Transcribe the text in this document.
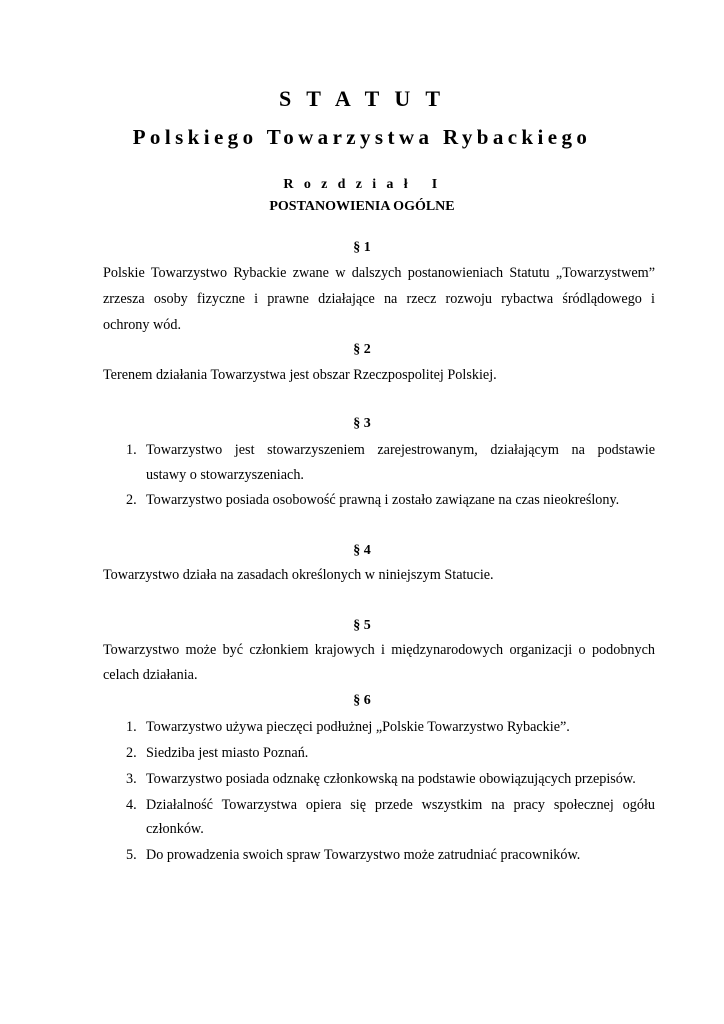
S T A T U T
Polskiego Towarzystwa Rybackiego
R o z d z i a ł   I
POSTANOWIENIA OGÓLNE
§ 1
Polskie Towarzystwo Rybackie zwane w dalszych postanowieniach Statutu „Towarzystwem”
zrzesza osoby fizyczne i prawne działające na rzecz rozwoju rybactwa śródlądowego i
ochrony wód.
§ 2
Terenem działania Towarzystwa jest obszar Rzeczpospolitej Polskiej.
§ 3
1. Towarzystwo jest stowarzyszeniem zarejestrowanym, działającym na podstawie
ustawy o stowarzyszeniach.
2. Towarzystwo posiada osobowość prawną i zostało zawiązane na czas nieokreślony.
§ 4
Towarzystwo działa na zasadach określonych w niniejszym Statucie.
§ 5
Towarzystwo może być członkiem krajowych i międzynarodowych organizacji o podobnych
celach działania.
§ 6
1. Towarzystwo używa pieczęci podłużnej „Polskie Towarzystwo Rybackie”.
2. Siedziba jest miasto Poznań.
3. Towarzystwo posiada odznakę członkowską na podstawie obowiązujących przepisów.
4. Działalność Towarzystwa opiera się przede wszystkim na pracy społecznej ogółu
członków.
5. Do prowadzenia swoich spraw Towarzystwo może zatrudniać pracowników.
